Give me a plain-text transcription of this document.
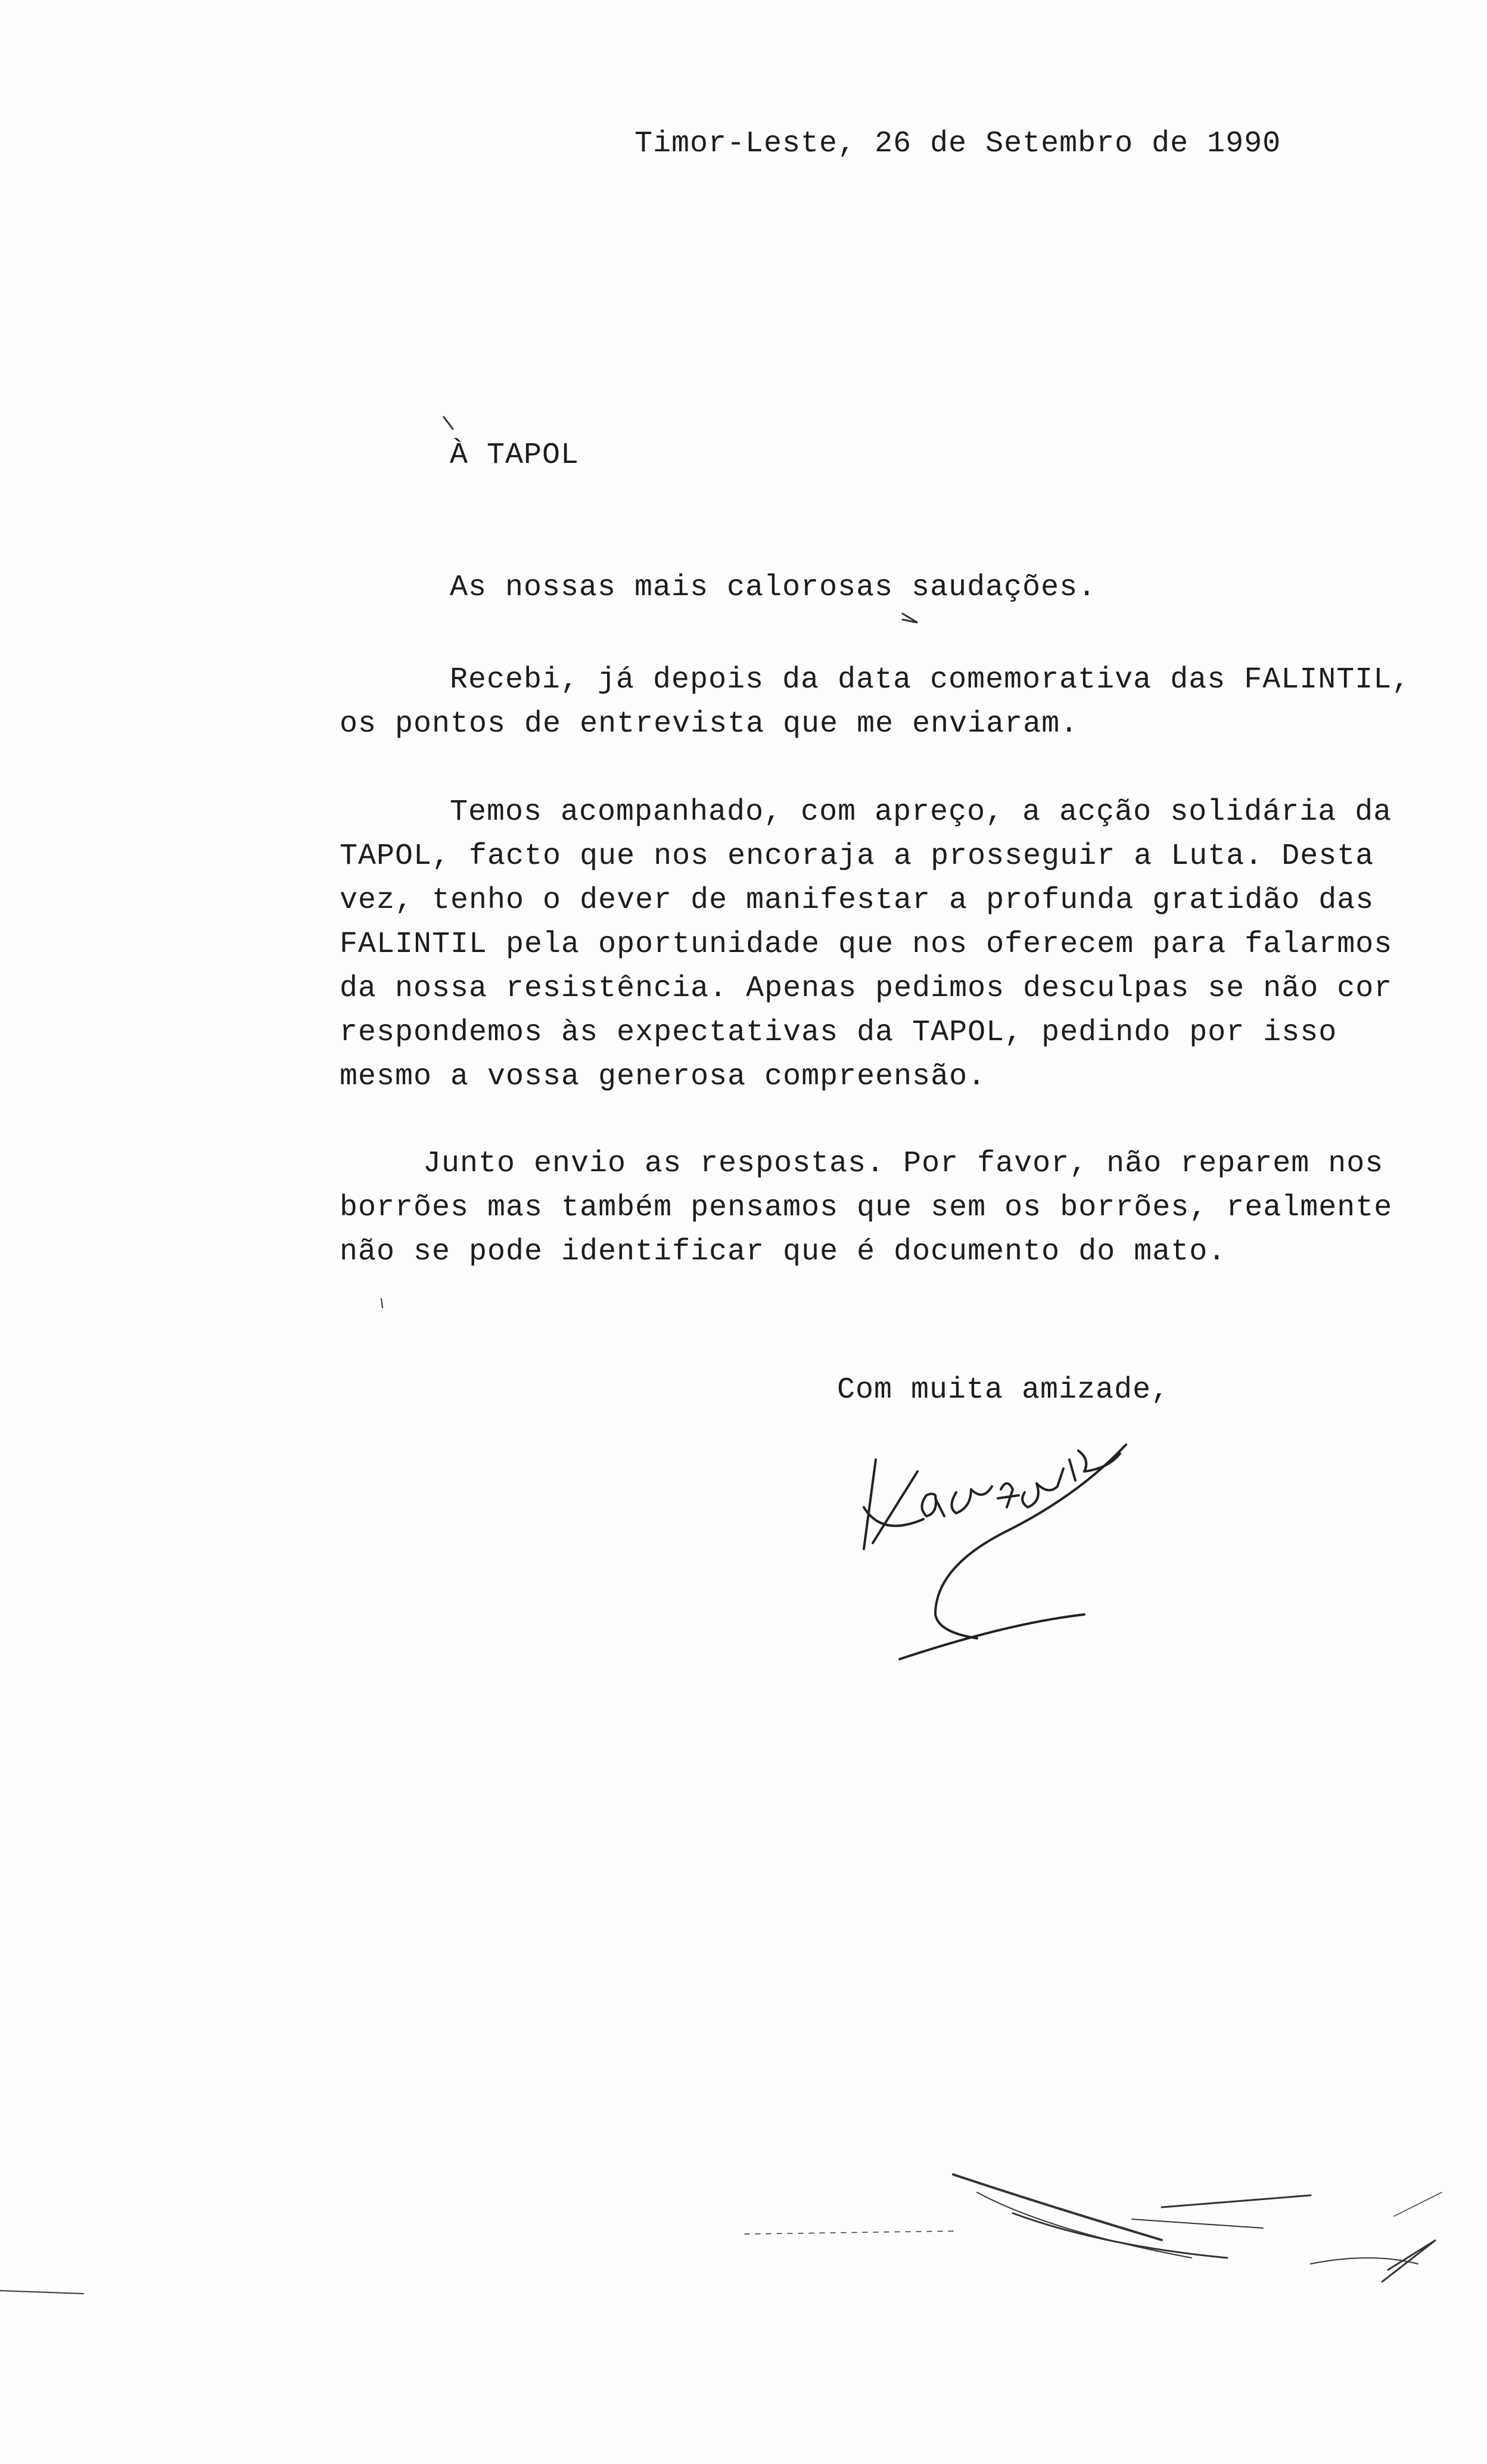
Timor-Leste, 26 de Setembro de 1990
À TAPOL
As nossas mais calorosas saudações.
Recebi, já depois da data comemorativa das FALINTIL,
os pontos de entrevista que me enviaram.
Temos acompanhado, com apreço, a acção solidária da
TAPOL, facto que nos encoraja a prosseguir a Luta. Desta
vez, tenho o dever de manifestar a profunda gratidão das
FALINTIL pela oportunidade que nos oferecem para falarmos
da nossa resistência. Apenas pedimos desculpas se não cor
respondemos às expectativas da TAPOL, pedindo por isso
mesmo a vossa generosa compreensão.
Junto envio as respostas. Por favor, não reparem nos
borrões mas também pensamos que sem os borrões, realmente
não se pode identificar que é documento do mato.
Com muita amizade,
